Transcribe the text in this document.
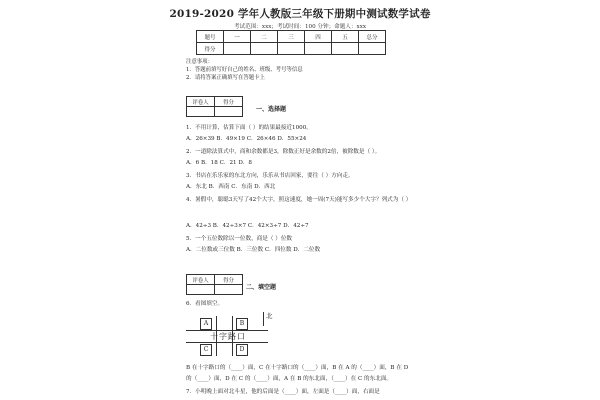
2019-2020 学年人教版三年级下册期中测试数学试卷
考试范围：xxx；考试时间：100 分钟；命题人：xxx
题号	一	二	三	四	五	总分
得分						
注意事项：
1．答题前填写好自己的姓名、班级、考号等信息
2．请将答案正确填写在答题卡上
评卷人	得分

一、选择题
1．不用计算，估算下面（ ）的结果最接近1000。
A．26×39 B．49×19 C．26×46 D．55×24
2．一道除法算式中，商和余数都是3，除数正好是余数的2倍，被除数是（ ）。
A．6 B．18 C．21 D．8
3．书店在乐乐家的东北方向，乐乐从书店回家，要往（ ）方向走。
A．东北 B．西南 C．东南 D．西北
4．暑假中，聪聪3天写了42个大字，照这速度，她一周(7天)能写多少个大字？列式为（ ）
A．42÷3 B．42÷3×7 C．42×3÷7 D．42÷7
5．一个五位数除以一位数，商是（ ）位数
A．二位数或三位数 B．三位数 C．四位数 D．二位数
评卷人	得分

二、填空题
6．看图填空。
A	B
C	D
十字路口
北
B 在十字路口的（____）面，C 在十字路口的（____）面，B 在 A 的（____）面，B 在 D
的（____）面，D 在 C 的（____）面，A 在 B 的东北面，（____）在 C 的东北面。
7．小明晚上面对北斗星，他的后面是（____）面，左面是（____）面，右面是
